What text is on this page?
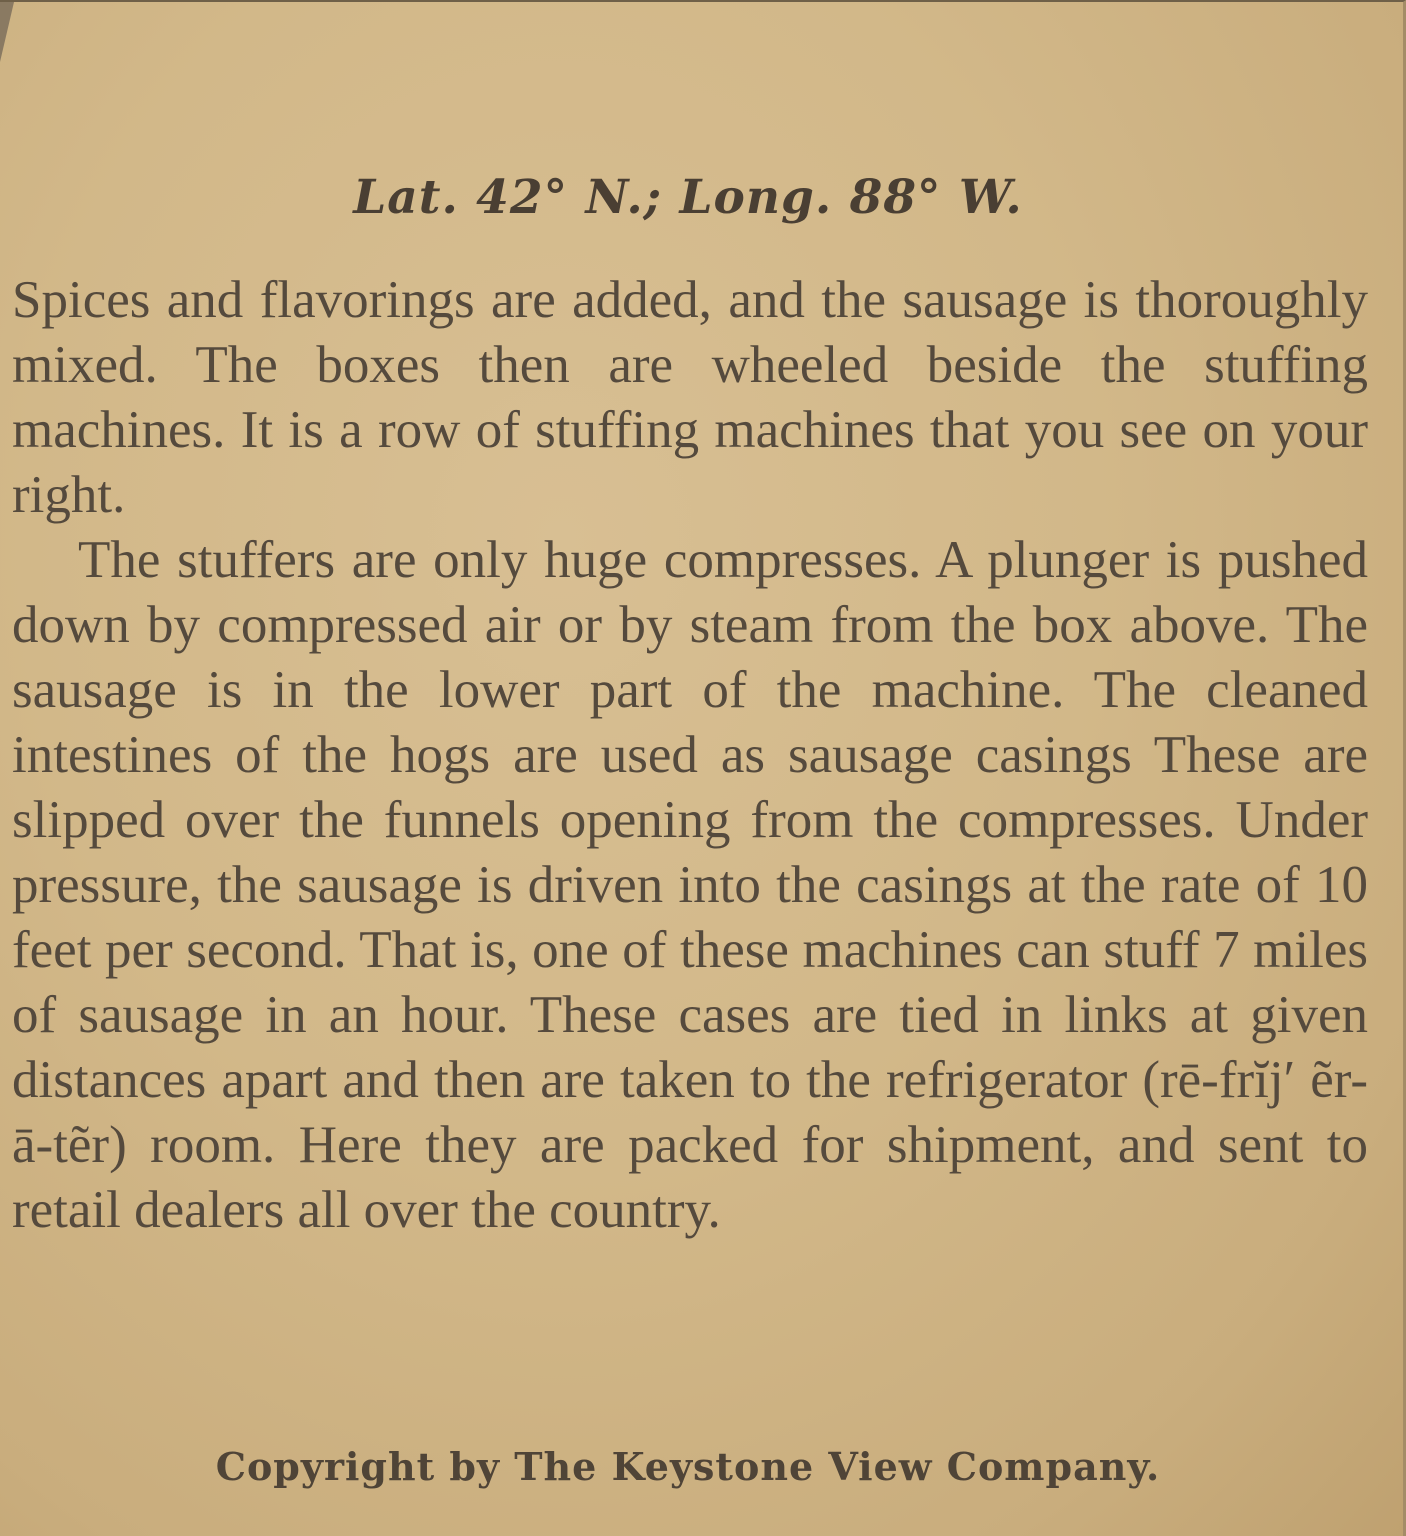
Lat. 42° N.; Long. 88° W.

Spices and flavorings are added, and the sausage is thoroughly mixed. The boxes then are wheeled beside the stuffing machines. It is a row of stuffing machines that you see on your right.

The stuffers are only huge compresses. A plunger is pushed down by compressed air or by steam from the box above. The sausage is in the lower part of the machine. The cleaned intestines of the hogs are used as sausage casings These are slipped over the funnels opening from the compresses. Under pressure, the sausage is driven into the casings at the rate of 10 feet per second. That is, one of these machines can stuff 7 miles of sausage in an hour. These cases are tied in links at given distances apart and then are taken to the refrigerator (rē-frĭj′ ẽr-ā-tẽr) room. Here they are packed for shipment, and sent to retail dealers all over the country.

Copyright by The Keystone View Company.
